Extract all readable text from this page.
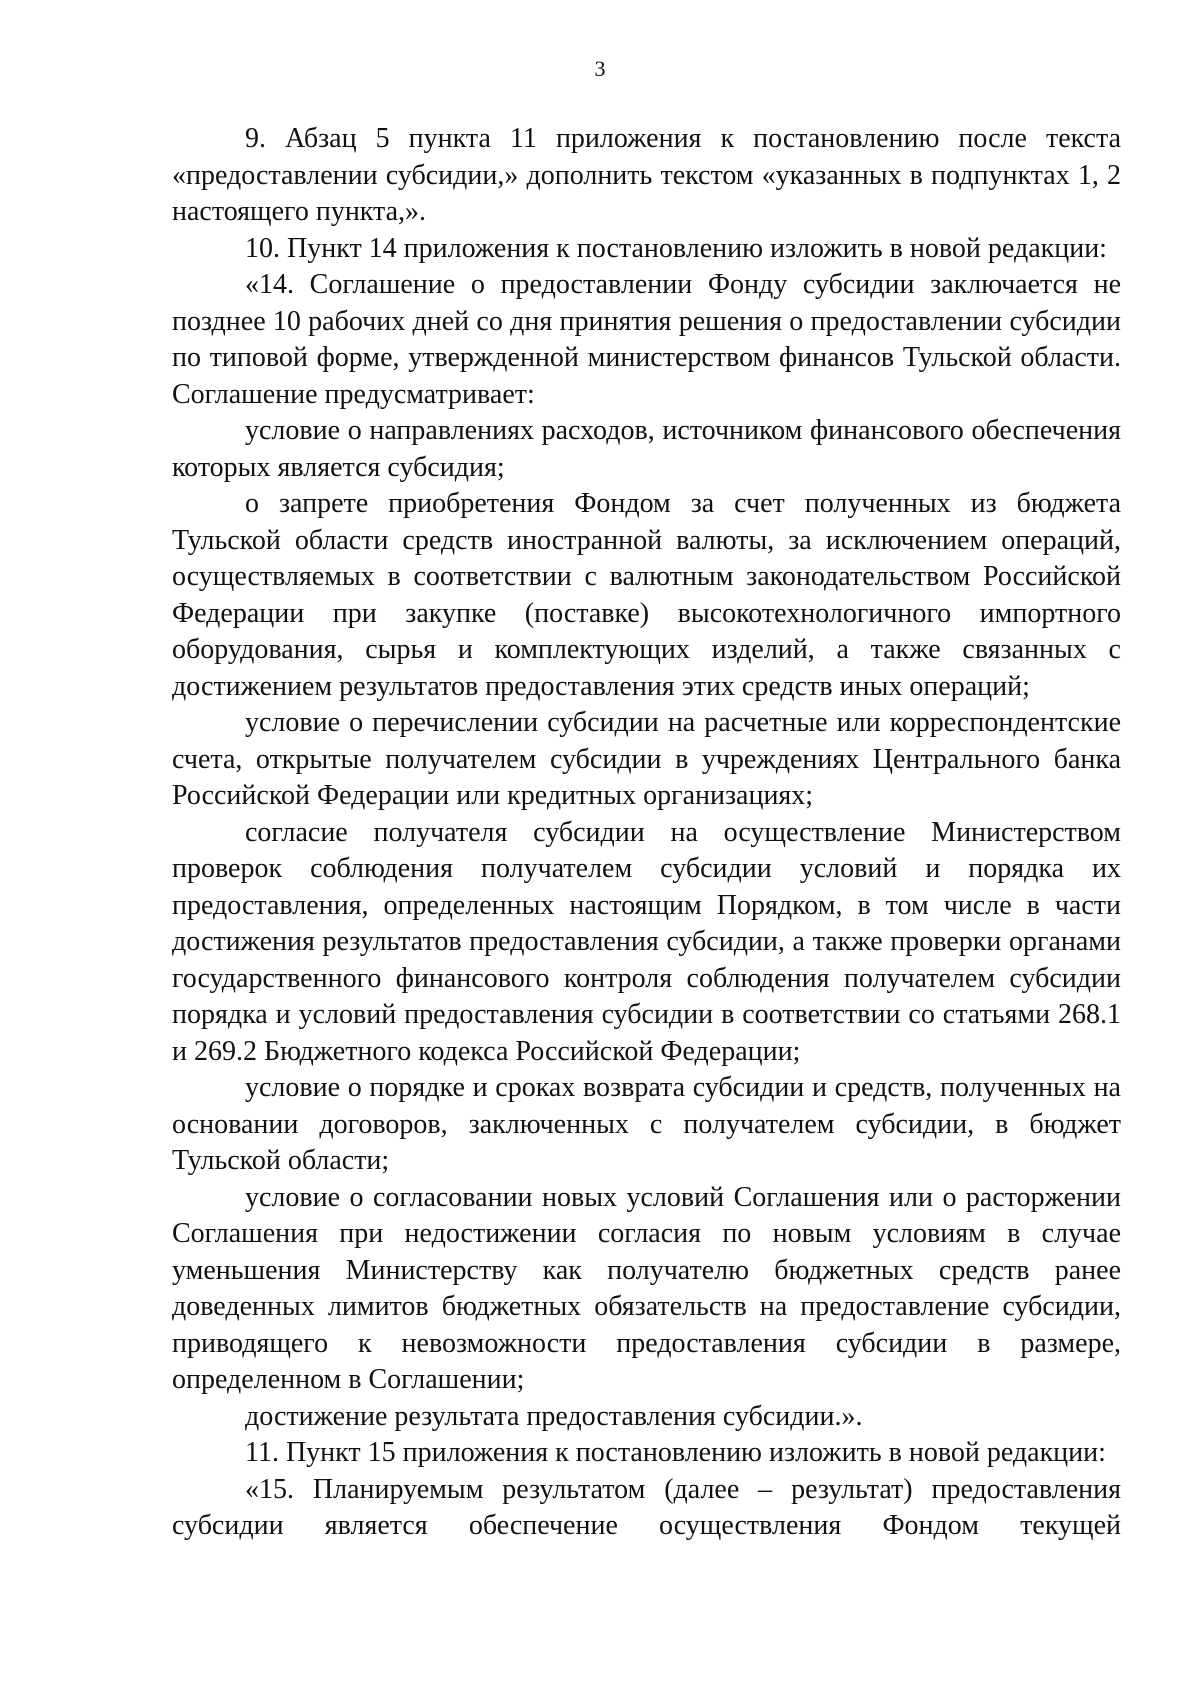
3

9. Абзац 5 пункта 11 приложения к постановлению после текста «предоставлении субсидии,» дополнить текстом «указанных в подпунктах 1, 2 настоящего пункта,».

10. Пункт 14 приложения к постановлению изложить в новой редакции:

«14. Соглашение о предоставлении Фонду субсидии заключается не позднее 10 рабочих дней со дня принятия решения о предоставлении субсидии по типовой форме, утвержденной министерством финансов Тульской области. Соглашение предусматривает:

условие о направлениях расходов, источником финансового обеспечения которых является субсидия;

о запрете приобретения Фондом за счет полученных из бюджета Тульской области средств иностранной валюты, за исключением операций, осуществляемых в соответствии с валютным законодательством Российской Федерации при закупке (поставке) высокотехнологичного импортного оборудования, сырья и комплектующих изделий, а также связанных с достижением результатов предоставления этих средств иных операций;

условие о перечислении субсидии на расчетные или корреспондентские счета, открытые получателем субсидии в учреждениях Центрального банка Российской Федерации или кредитных организациях;

согласие получателя субсидии на осуществление Министерством проверок соблюдения получателем субсидии условий и порядка их предоставления, определенных настоящим Порядком, в том числе в части достижения результатов предоставления субсидии, а также проверки органами государственного финансового контроля соблюдения получателем субсидии порядка и условий предоставления субсидии в соответствии со статьями 268.1 и 269.2 Бюджетного кодекса Российской Федерации;

условие о порядке и сроках возврата субсидии и средств, полученных на основании договоров, заключенных с получателем субсидии, в бюджет Тульской области;

условие о согласовании новых условий Соглашения или о расторжении Соглашения при недостижении согласия по новым условиям в случае уменьшения Министерству как получателю бюджетных средств ранее доведенных лимитов бюджетных обязательств на предоставление субсидии, приводящего к невозможности предоставления субсидии в размере, определенном в Соглашении;

достижение результата предоставления субсидии.».

11. Пункт 15 приложения к постановлению изложить в новой редакции:

«15. Планируемым результатом (далее – результат) предоставления субсидии является обеспечение осуществления Фондом текущей
